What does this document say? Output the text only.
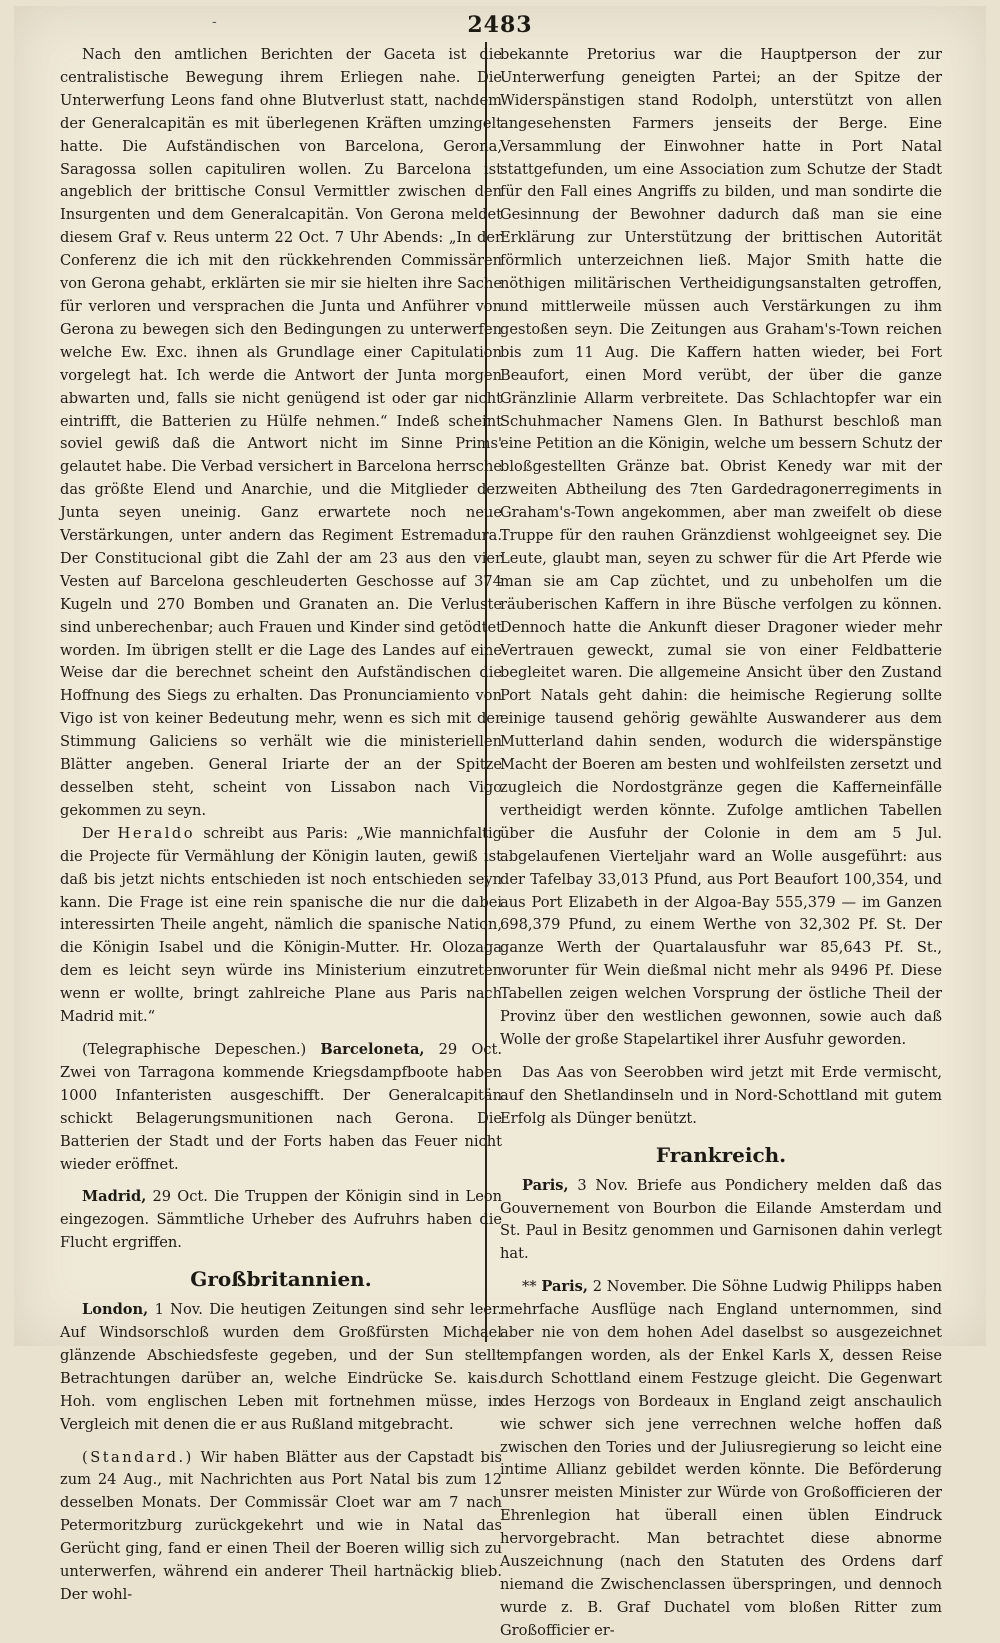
-	2483

Nach den amtlichen Berichten der Gaceta ist die centralistische Bewegung ihrem Erliegen nahe. Die Unterwerfung Leons fand ohne Blutverlust statt, nachdem der Generalcapitän es mit überlegenen Kräften umzingelt hatte. Die Aufständischen von Barcelona, Gerona, Saragossa sollen capituliren wollen. Zu Barcelona ist angeblich der brittische Consul Vermittler zwischen den Insurgenten und dem Generalcapitän. Von Gerona meldet diesem Graf v. Reus unterm 22 Oct. 7 Uhr Abends: „In der Conferenz die ich mit den rückkehrenden Commissären von Gerona gehabt, erklärten sie mir sie hielten ihre Sache für verloren und versprachen die Junta und Anführer von Gerona zu bewegen sich den Bedingungen zu unterwerfen welche Ew. Exc. ihnen als Grundlage einer Capitulation vorgelegt hat. Ich werde die Antwort der Junta morgen abwarten und, falls sie nicht genügend ist oder gar nicht eintrifft, die Batterien zu Hülfe nehmen.“ Indeß scheint soviel gewiß daß die Antwort nicht im Sinne Prims' gelautet habe. Die Verbad versichert in Barcelona herrsche das größte Elend und Anarchie, und die Mitglieder der Junta seyen uneinig. Ganz erwartete noch neue Verstärkungen, unter andern das Regiment Estremadura. Der Constitucional gibt die Zahl der am 23 aus den vier Vesten auf Barcelona geschleuderten Geschosse auf 374 Kugeln und 270 Bomben und Granaten an. Die Verluste sind unberechenbar; auch Frauen und Kinder sind getödtet worden. Im übrigen stellt er die Lage des Landes auf eine Weise dar die berechnet scheint den Aufständischen die Hoffnung des Siegs zu erhalten. Das Pronunciamiento von Vigo ist von keiner Bedeutung mehr, wenn es sich mit der Stimmung Galiciens so verhält wie die ministeriellen Blätter angeben. General Iriarte der an der Spitze desselben steht, scheint von Lissabon nach Vigo gekommen zu seyn.

Der Heraldo schreibt aus Paris: „Wie mannichfaltig die Projecte für Vermählung der Königin lauten, gewiß ist daß bis jetzt nichts entschieden ist noch entschieden seyn kann. Die Frage ist eine rein spanische die nur die dabei interessirten Theile angeht, nämlich die spanische Nation, die Königin Isabel und die Königin-Mutter. Hr. Olozaga dem es leicht seyn würde ins Ministerium einzutreten wenn er wollte, bringt zahlreiche Plane aus Paris nach Madrid mit.“

(Telegraphische Depeschen.) Barceloneta, 29 Oct. Zwei von Tarragona kommende Kriegsdampfboote haben 1000 Infanteristen ausgeschifft. Der Generalcapitän schickt Belagerungsmunitionen nach Gerona. Die Batterien der Stadt und der Forts haben das Feuer nicht wieder eröffnet.

Madrid, 29 Oct. Die Truppen der Königin sind in Leon eingezogen. Sämmtliche Urheber des Aufruhrs haben die Flucht ergriffen.

Großbritannien.

London, 1 Nov. Die heutigen Zeitungen sind sehr leer. Auf Windsorschloß wurden dem Großfürsten Michael glänzende Abschiedsfeste gegeben, und der Sun stellt Betrachtungen darüber an, welche Eindrücke Se. kais. Hoh. vom englischen Leben mit fortnehmen müsse, in Vergleich mit denen die er aus Rußland mitgebracht.

(Standard.) Wir haben Blätter aus der Capstadt bis zum 24 Aug., mit Nachrichten aus Port Natal bis zum 12 desselben Monats. Der Commissär Cloet war am 7 nach Petermoritzburg zurückgekehrt und wie in Natal das Gerücht ging, fand er einen Theil der Boeren willig sich zu unterwerfen, während ein anderer Theil hartnäckig blieb. Der wohl-

bekannte Pretorius war die Hauptperson der zur Unterwerfung geneigten Partei; an der Spitze der Widerspänstigen stand Rodolph, unterstützt von allen angesehensten Farmers jenseits der Berge. Eine Versammlung der Einwohner hatte in Port Natal stattgefunden, um eine Association zum Schutze der Stadt für den Fall eines Angriffs zu bilden, und man sondirte die Gesinnung der Bewohner dadurch daß man sie eine Erklärung zur Unterstützung der brittischen Autorität förmlich unterzeichnen ließ. Major Smith hatte die nöthigen militärischen Vertheidigungsanstalten getroffen, und mittlerweile müssen auch Verstärkungen zu ihm gestoßen seyn. Die Zeitungen aus Graham's-Town reichen bis zum 11 Aug. Die Kaffern hatten wieder, bei Fort Beaufort, einen Mord verübt, der über die ganze Gränzlinie Allarm verbreitete. Das Schlachtopfer war ein Schuhmacher Namens Glen. In Bathurst beschloß man eine Petition an die Königin, welche um bessern Schutz der bloßgestellten Gränze bat. Obrist Kenedy war mit der zweiten Abtheilung des 7ten Gardedragonerregiments in Graham's-Town angekommen, aber man zweifelt ob diese Truppe für den rauhen Gränzdienst wohlgeeignet sey. Die Leute, glaubt man, seyen zu schwer für die Art Pferde wie man sie am Cap züchtet, und zu unbeholfen um die räuberischen Kaffern in ihre Büsche verfolgen zu können. Dennoch hatte die Ankunft dieser Dragoner wieder mehr Vertrauen geweckt, zumal sie von einer Feldbatterie begleitet waren. Die allgemeine Ansicht über den Zustand Port Natals geht dahin: die heimische Regierung sollte einige tausend gehörig gewählte Auswanderer aus dem Mutterland dahin senden, wodurch die widerspänstige Macht der Boeren am besten und wohlfeilsten zersetzt und zugleich die Nordostgränze gegen die Kafferneinfälle vertheidigt werden könnte. Zufolge amtlichen Tabellen über die Ausfuhr der Colonie in dem am 5 Jul. abgelaufenen Vierteljahr ward an Wolle ausgeführt: aus der Tafelbay 33,013 Pfund, aus Port Beaufort 100,354, und aus Port Elizabeth in der Algoa-Bay 555,379 — im Ganzen 698,379 Pfund, zu einem Werthe von 32,302 Pf. St. Der ganze Werth der Quartalausfuhr war 85,643 Pf. St., worunter für Wein dießmal nicht mehr als 9496 Pf. Diese Tabellen zeigen welchen Vorsprung der östliche Theil der Provinz über den westlichen gewonnen, sowie auch daß Wolle der große Stapelartikel ihrer Ausfuhr geworden.

Das Aas von Seerobben wird jetzt mit Erde vermischt, auf den Shetlandinseln und in Nord-Schottland mit gutem Erfolg als Dünger benützt.

Frankreich.

Paris, 3 Nov. Briefe aus Pondichery melden daß das Gouvernement von Bourbon die Eilande Amsterdam und St. Paul in Besitz genommen und Garnisonen dahin verlegt hat.

** Paris, 2 November. Die Söhne Ludwig Philipps haben mehrfache Ausflüge nach England unternommen, sind aber nie von dem hohen Adel daselbst so ausgezeichnet empfangen worden, als der Enkel Karls X, dessen Reise durch Schottland einem Festzuge gleicht. Die Gegenwart des Herzogs von Bordeaux in England zeigt anschaulich wie schwer sich jene verrechnen welche hoffen daß zwischen den Tories und der Juliusregierung so leicht eine intime Allianz gebildet werden könnte. Die Beförderung unsrer meisten Minister zur Würde von Großofficieren der Ehrenlegion hat überall einen üblen Eindruck hervorgebracht. Man betrachtet diese abnorme Auszeichnung (nach den Statuten des Ordens darf niemand die Zwischenclassen überspringen, und dennoch wurde z. B. Graf Duchatel vom bloßen Ritter zum Großofficier er-
